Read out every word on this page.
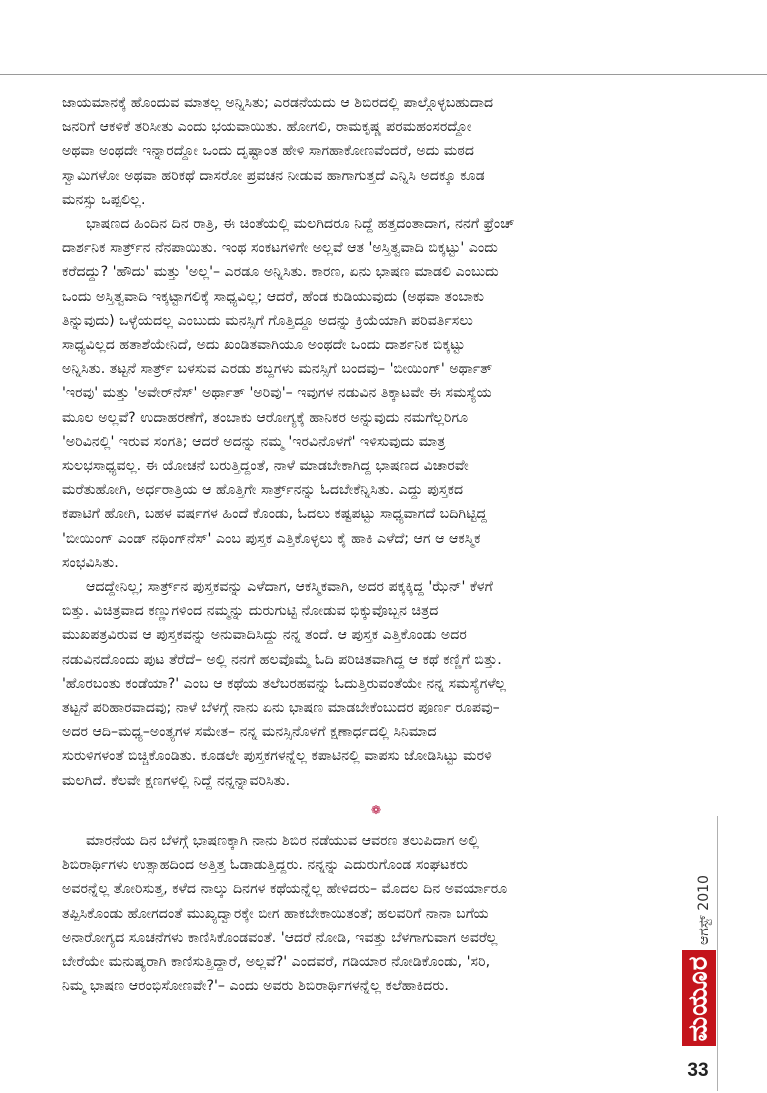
ಜಾಯಮಾನಕ್ಕೆ ಹೊಂದುವ ಮಾತಲ್ಲ ಅನ್ನಿಸಿತು; ಎರಡನೆಯದು ಆ ಶಿಬಿರದಲ್ಲಿ ಪಾಲ್ಗೊಳ್ಳಬಹುದಾದ
ಜನರಿಗೆ ಆಕಳಿಕೆ ತರಿಸೀತು ಎಂದು ಭಯವಾಯಿತು. ಹೋಗಲಿ, ರಾಮಕೃಷ್ಣ ಪರಮಹಂಸರದ್ದೋ
ಅಥವಾ ಅಂಥದೇ ಇನ್ನಾರದ್ದೋ ಒಂದು ದೃಷ್ಟಾಂತ ಹೇಳಿ ಸಾಗಹಾಕೋಣವೆಂದರೆ, ಅದು ಮಠದ
ಸ್ವಾಮಿಗಳೋ ಅಥವಾ ಹರಿಕಥೆ ದಾಸರೋ ಪ್ರವಚನ ನೀಡುವ ಹಾಗಾಗುತ್ತದೆ ಎನ್ನಿಸಿ ಅದಕ್ಕೂ ಕೂಡ
ಮನಸ್ಸು ಒಪ್ಪಲಿಲ್ಲ.

ಭಾಷಣದ ಹಿಂದಿನ ದಿನ ರಾತ್ರಿ, ಈ ಚಿಂತೆಯಲ್ಲಿ ಮಲಗಿದರೂ ನಿದ್ದೆ ಹತ್ತದಂತಾದಾಗ, ನನಗೆ ಫ್ರೆಂಚ್
ದಾರ್ಶನಿಕ ಸಾರ್ತ್ರ್‌ನ ನೆನಪಾಯಿತು. ಇಂಥ ಸಂಕಟಗಳಿಗೇ ಅಲ್ಲವೆ ಆತ 'ಅಸ್ತಿತ್ವವಾದಿ ಬಿಕ್ಕಟ್ಟು' ಎಂದು
ಕರೆದದ್ದು? 'ಹೌದು' ಮತ್ತು 'ಅಲ್ಲ'– ಎರಡೂ ಅನ್ನಿಸಿತು. ಕಾರಣ, ಏನು ಭಾಷಣ ಮಾಡಲಿ ಎಂಬುದು
ಒಂದು ಅಸ್ತಿತ್ವವಾದಿ ಇಕ್ಕಟ್ಟಾಗಲಿಕ್ಕೆ ಸಾಧ್ಯವಿಲ್ಲ; ಆದರೆ, ಹೆಂಡ ಕುಡಿಯುವುದು (ಅಥವಾ ತಂಬಾಕು
ತಿನ್ನುವುದು) ಒಳ್ಳೆಯದಲ್ಲ ಎಂಬುದು ಮನಸ್ಸಿಗೆ ಗೊತ್ತಿದ್ದೂ ಅದನ್ನು ಕ್ರಿಯೆಯಾಗಿ ಪರಿವರ್ತಿಸಲು
ಸಾಧ್ಯವಿಲ್ಲದ ಹತಾಶೆಯೇನಿದೆ, ಅದು ಖಂಡಿತವಾಗಿಯೂ ಅಂಥದೇ ಒಂದು ದಾರ್ಶನಿಕ ಬಿಕ್ಕಟ್ಟು
ಅನ್ನಿಸಿತು. ತಟ್ಟನೆ ಸಾರ್ತ್ರ್ ಬಳಸುವ ಎರಡು ಶಬ್ದಗಳು ಮನಸ್ಸಿಗೆ ಬಂದವು– 'ಬೀಯಿಂಗ್' ಅರ್ಥಾತ್
'ಇರವು' ಮತ್ತು 'ಅವೇರ್‌ನೆಸ್' ಅರ್ಥಾತ್ 'ಅರಿವು'– ಇವುಗಳ ನಡುವಿನ ತಿಕ್ಕಾಟವೇ ಈ ಸಮಸ್ಯೆಯ
ಮೂಲ ಅಲ್ಲವೆ? ಉದಾಹರಣೆಗೆ, ತಂಬಾಕು ಆರೋಗ್ಯಕ್ಕೆ ಹಾನಿಕರ ಅನ್ನುವುದು ನಮಗೆಲ್ಲರಿಗೂ
'ಅರಿವಿನಲ್ಲಿ' ಇರುವ ಸಂಗತಿ; ಆದರೆ ಅದನ್ನು ನಮ್ಮ 'ಇರವಿನೊಳಗೆ' ಇಳಿಸುವುದು ಮಾತ್ರ
ಸುಲಭಸಾಧ್ಯವಲ್ಲ. ಈ ಯೋಚನೆ ಬರುತ್ತಿದ್ದಂತೆ, ನಾಳೆ ಮಾಡಬೇಕಾಗಿದ್ದ ಭಾಷಣದ ವಿಚಾರವೇ
ಮರೆತುಹೋಗಿ, ಅರ್ಧರಾತ್ರಿಯ ಆ ಹೊತ್ತಿಗೇ ಸಾರ್ತ್ರ್‌ನನ್ನು ಓದಬೇಕೆನ್ನಿಸಿತು. ಎದ್ದು ಪುಸ್ತಕದ
ಕಪಾಟಿಗೆ ಹೋಗಿ, ಬಹಳ ವರ್ಷಗಳ ಹಿಂದೆ ಕೊಂಡು, ಓದಲು ಕಷ್ಟಪಟ್ಟು ಸಾಧ್ಯವಾಗದೆ ಬದಿಗಿಟ್ಟಿದ್ದ
'ಬೀಯಿಂಗ್ ಎಂಡ್ ನಥಿಂಗ್‌ನೆಸ್' ಎಂಬ ಪುಸ್ತಕ ಎತ್ತಿಕೊಳ್ಳಲು ಕೈ ಹಾಕಿ ಎಳೆದೆ; ಆಗ ಆ ಆಕಸ್ಮಿಕ
ಸಂಭವಿಸಿತು.

ಆದದ್ದೇನಿಲ್ಲ; ಸಾರ್ತ್ರ್‌ನ ಪುಸ್ತಕವನ್ನು ಎಳೆದಾಗ, ಆಕಸ್ಮಿಕವಾಗಿ, ಅದರ ಪಕ್ಕಕ್ಕಿದ್ದ 'ಝೆನ್' ಕೆಳಗೆ
ಬಿತ್ತು. ವಿಚಿತ್ರವಾದ ಕಣ್ಣುಗಳಿಂದ ನಮ್ಮನ್ನು ದುರುಗುಟ್ಟಿ ನೋಡುವ ಭಿಕ್ಕುವೊಬ್ಬನ ಚಿತ್ರದ
ಮುಖಪತ್ರವಿರುವ ಆ ಪುಸ್ತಕವನ್ನು ಅನುವಾದಿಸಿದ್ದು ನನ್ನ ತಂದೆ. ಆ ಪುಸ್ತಕ ಎತ್ತಿಕೊಂಡು ಅದರ
ನಡುವಿನದೊಂದು ಪುಟ ತೆರೆದೆ– ಅಲ್ಲಿ ನನಗೆ ಹಲವೊಮ್ಮೆ ಓದಿ ಪರಿಚಿತವಾಗಿದ್ದ ಆ ಕಥೆ ಕಣ್ಣಿಗೆ ಬಿತ್ತು.
'ಹೊರಬಂತು ಕಂಡೆಯಾ?' ಎಂಬ ಆ ಕಥೆಯ ತಲೆಬರಹವನ್ನು ಓದುತ್ತಿರುವಂತೆಯೇ ನನ್ನ ಸಮಸ್ಯೆಗಳೆಲ್ಲ
ತಟ್ಟನೆ ಪರಿಹಾರವಾದವು; ನಾಳೆ ಬೆಳಗ್ಗೆ ನಾನು ಏನು ಭಾಷಣ ಮಾಡಬೇಕೆಂಬುದರ ಪೂರ್ಣ ರೂಪವು–
ಅದರ ಆದಿ–ಮಧ್ಯ–ಅಂತ್ಯಗಳ ಸಮೇತ– ನನ್ನ ಮನಸ್ಸಿನೊಳಗೆ ಕ್ಷಣಾರ್ಧದಲ್ಲಿ ಸಿನಿಮಾದ
ಸುರುಳಿಗಳಂತೆ ಬಿಚ್ಚಿಕೊಂಡಿತು. ಕೂಡಲೇ ಪುಸ್ತಕಗಳನ್ನೆಲ್ಲ ಕಪಾಟಿನಲ್ಲಿ ವಾಪಸು ಜೋಡಿಸಿಟ್ಟು ಮರಳಿ
ಮಲಗಿದೆ. ಕೆಲವೇ ಕ್ಷಣಗಳಲ್ಲಿ ನಿದ್ದೆ ನನ್ನನ್ನಾವರಿಸಿತು.

❁

ಮಾರನೆಯ ದಿನ ಬೆಳಗ್ಗೆ ಭಾಷಣಕ್ಕಾಗಿ ನಾನು ಶಿಬಿರ ನಡೆಯುವ ಆವರಣ ತಲುಪಿದಾಗ ಅಲ್ಲಿ
ಶಿಬಿರಾರ್ಥಿಗಳು ಉತ್ಸಾಹದಿಂದ ಅತ್ತಿತ್ತ ಓಡಾಡುತ್ತಿದ್ದರು. ನನ್ನನ್ನು ಎದುರುಗೊಂಡ ಸಂಘಟಕರು
ಅವರನ್ನೆಲ್ಲ ತೋರಿಸುತ್ತ, ಕಳೆದ ನಾಲ್ಕು ದಿನಗಳ ಕಥೆಯನ್ನೆಲ್ಲ ಹೇಳಿದರು– ಮೊದಲ ದಿನ ಅವರ್ಯಾರೂ
ತಪ್ಪಿಸಿಕೊಂಡು ಹೋಗದಂತೆ ಮುಖ್ಯದ್ವಾರಕ್ಕೇ ಬೀಗ ಹಾಕಬೇಕಾಯಿತಂತೆ; ಹಲವರಿಗೆ ನಾನಾ ಬಗೆಯ
ಅನಾರೋಗ್ಯದ ಸೂಚನೆಗಳು ಕಾಣಿಸಿಕೊಂಡವಂತೆ. 'ಆದರೆ ನೋಡಿ, ಇವತ್ತು ಬೆಳಗಾಗುವಾಗ ಅವರೆಲ್ಲ
ಬೇರೆಯೇ ಮನುಷ್ಯರಾಗಿ ಕಾಣಿಸುತ್ತಿದ್ದಾರೆ, ಅಲ್ಲವೆ?' ಎಂದವರೆ, ಗಡಿಯಾರ ನೋಡಿಕೊಂಡು, 'ಸರಿ,
ನಿಮ್ಮ ಭಾಷಣ ಆರಂಭಿಸೋಣವೇ?'– ಎಂದು ಅವರು ಶಿಬಿರಾರ್ಥಿಗಳನ್ನೆಲ್ಲ ಕಲೆಹಾಕಿದರು.

ಆಗಸ್ಟ್ 2010
ಮಯೂರ
33
